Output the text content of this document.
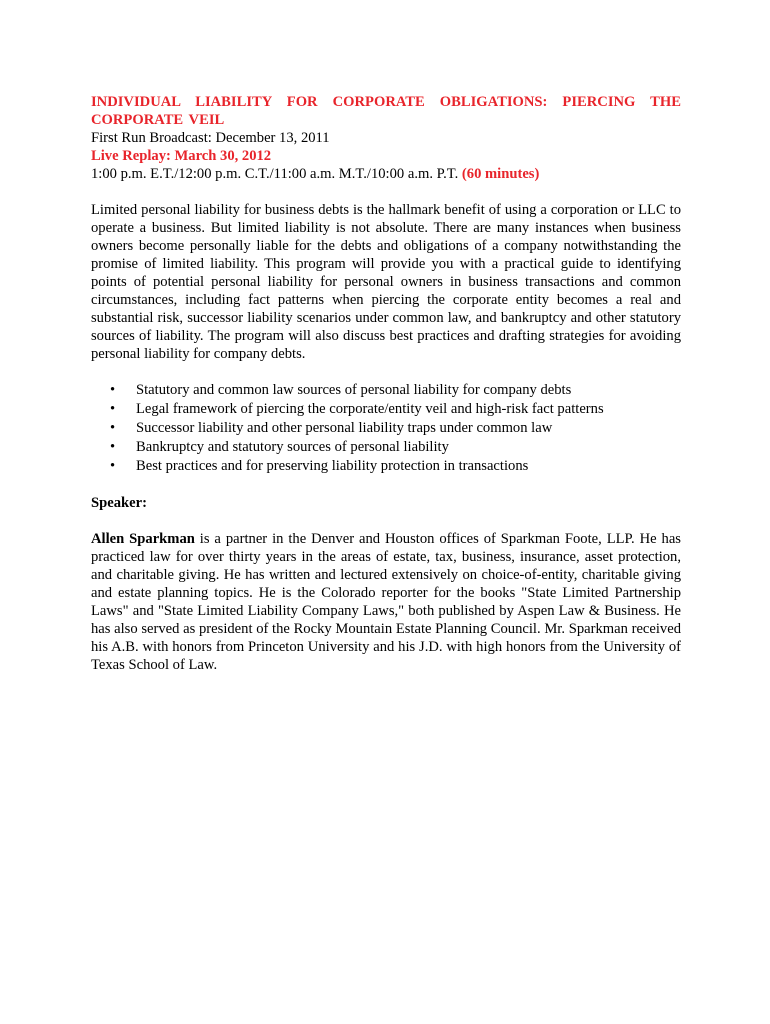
INDIVIDUAL LIABILITY FOR CORPORATE OBLIGATIONS: PIERCING THE
CORPORATE VEIL
First Run Broadcast: December 13, 2011
Live Replay: March 30, 2012
1:00 p.m. E.T./12:00 p.m. C.T./11:00 a.m. M.T./10:00 a.m. P.T. (60 minutes)

Limited personal liability for business debts is the hallmark benefit of using a corporation or LLC to operate a business. But limited liability is not absolute. There are many instances when business owners become personally liable for the debts and obligations of a company notwithstanding the promise of limited liability. This program will provide you with a practical guide to identifying points of potential personal liability for personal owners in business transactions and common circumstances, including fact patterns when piercing the corporate entity becomes a real and substantial risk, successor liability scenarios under common law, and bankruptcy and other statutory sources of liability. The program will also discuss best practices and drafting strategies for avoiding personal liability for company debts.

• Statutory and common law sources of personal liability for company debts
• Legal framework of piercing the corporate/entity veil and high-risk fact patterns
• Successor liability and other personal liability traps under common law
• Bankruptcy and statutory sources of personal liability
• Best practices and for preserving liability protection in transactions

Speaker:

Allen Sparkman is a partner in the Denver and Houston offices of Sparkman Foote, LLP. He has practiced law for over thirty years in the areas of estate, tax, business, insurance, asset protection, and charitable giving. He has written and lectured extensively on choice-of-entity, charitable giving and estate planning topics. He is the Colorado reporter for the books "State Limited Partnership Laws" and "State Limited Liability Company Laws," both published by Aspen Law & Business. He has also served as president of the Rocky Mountain Estate Planning Council. Mr. Sparkman received his A.B. with honors from Princeton University and his J.D. with high honors from the University of Texas School of Law.
